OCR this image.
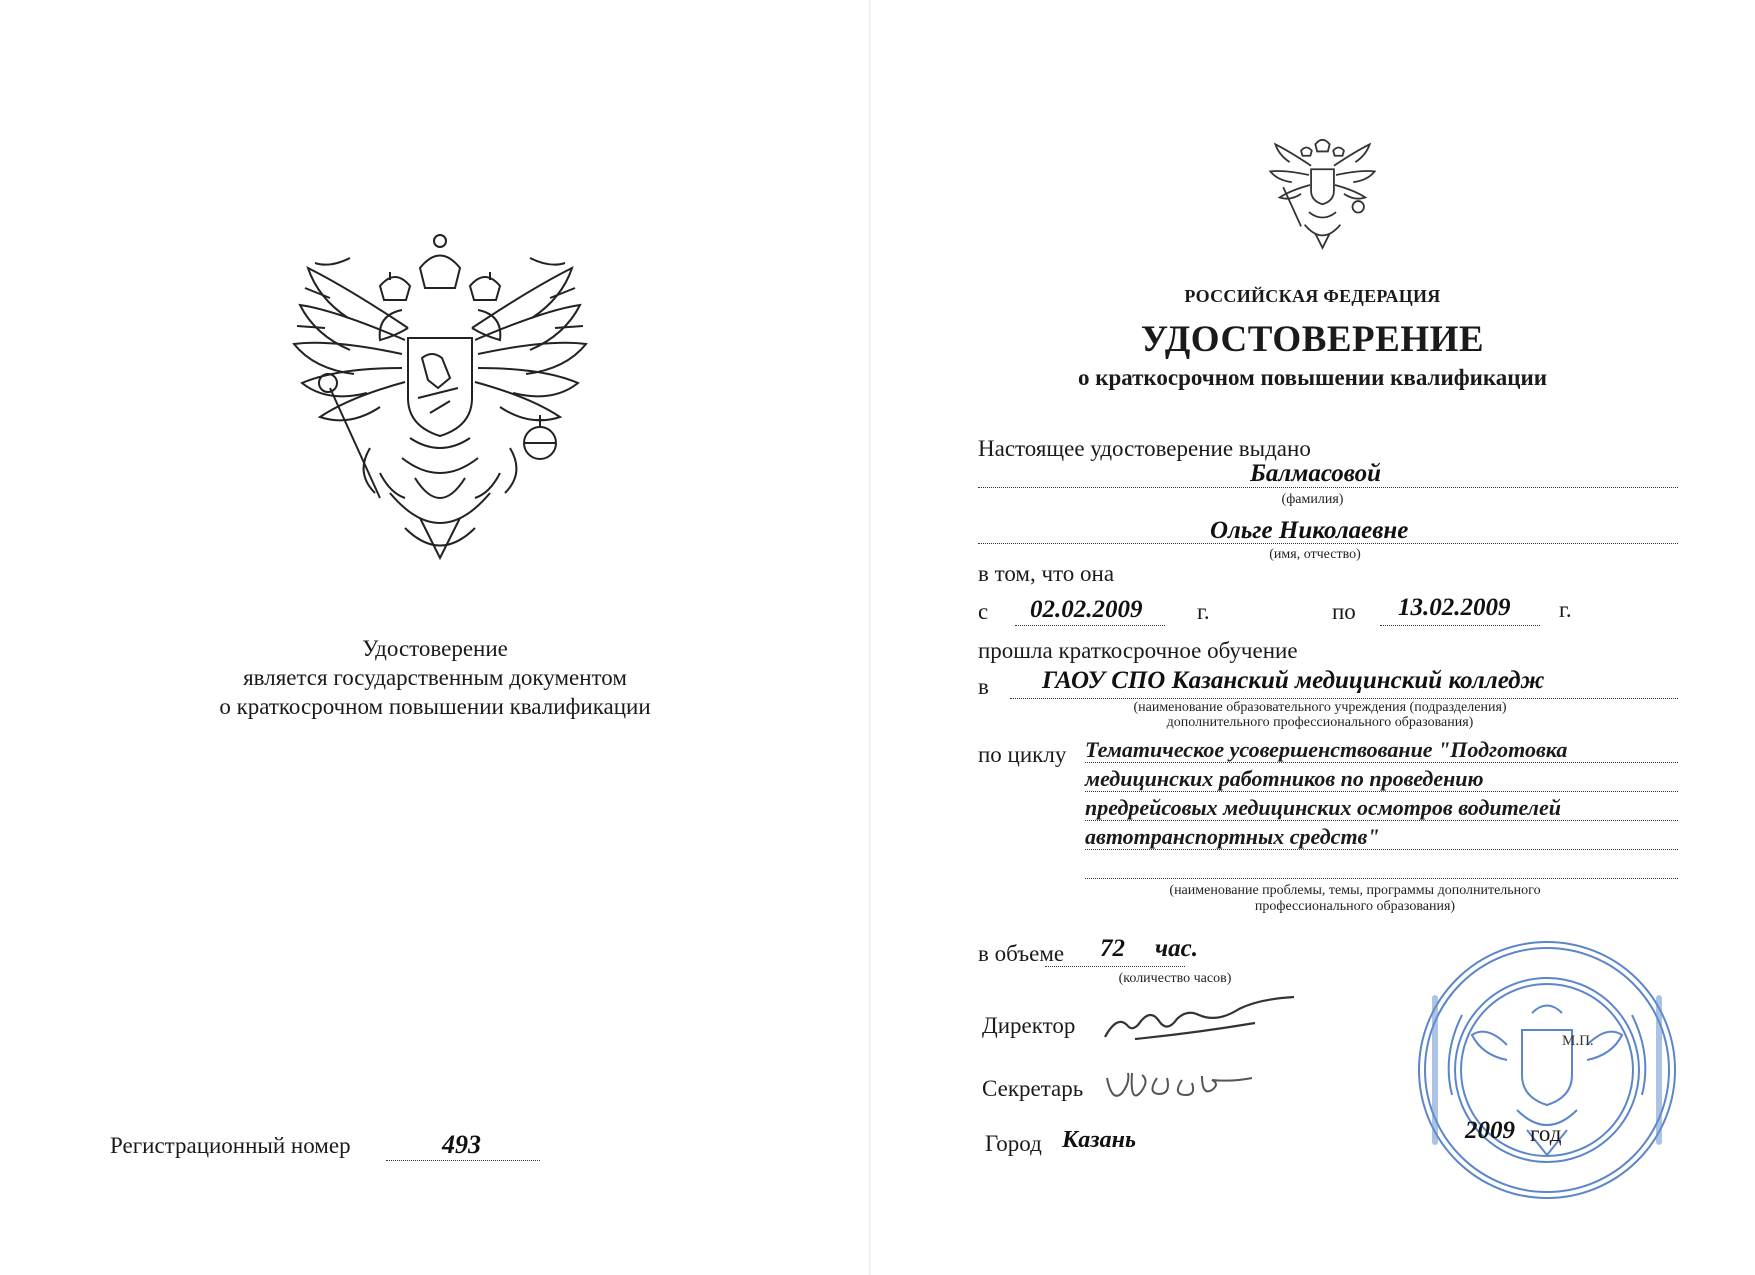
Удостоверение
является государственным документом
о краткосрочном повышении квалификации
Регистрационный номер	493
РОССИЙСКАЯ ФЕДЕРАЦИЯ
УДОСТОВЕРЕНИЕ
о краткосрочном повышении квалификации
Настоящее удостоверение выдано
Балмасовой
(фамилия)
Ольге Николаевне
(имя, отчество)
в том, что она
с 02.02.2009 г.	по 13.02.2009 г.
прошла краткосрочное обучение
в ГАОУ СПО Казанский медицинский колледж
(наименование образовательного учреждения (подразделения)
дополнительного профессионального образования)
по циклу Тематическое усовершенствование "Подготовка
медицинских работников по проведению
предрейсовых медицинских осмотров водителей
автотранспортных средств"
(наименование проблемы, темы, программы дополнительного
профессионального образования)
в объеме 72 час.
(количество часов)
Директор
Секретарь
Город Казань
М.П.
2009 год
